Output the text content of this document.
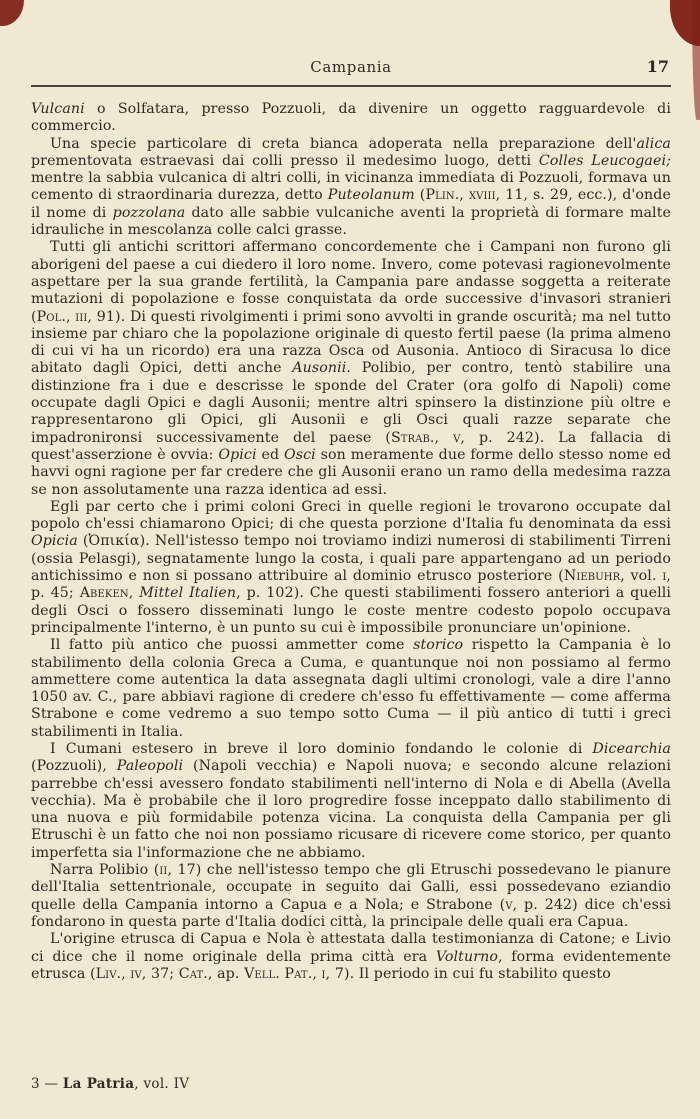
Campania	17

Vulcani o Solfatara, presso Pozzuoli, da divenire un oggetto ragguardevole di commercio.

Una specie particolare di creta bianca adoperata nella preparazione dell'alica prementovata estraevasi dai colli presso il medesimo luogo, detti Colles Leucogaei; mentre la sabbia vulcanica di altri colli, in vicinanza immediata di Pozzuoli, formava un cemento di straordinaria durezza, detto Puteolanum (Plin., xviii, 11, s. 29, ecc.), d'onde il nome di pozzolana dato alle sabbie vulcaniche aventi la proprietà di formare malte idrauliche in mescolanza colle calci grasse.

Tutti gli antichi scrittori affermano concordemente che i Campani non furono gli aborigeni del paese a cui diedero il loro nome. Invero, come potevasi ragionevolmente aspettare per la sua grande fertilità, la Campania pare andasse soggetta a reiterate mutazioni di popolazione e fosse conquistata da orde successive d'invasori stranieri (Pol., iii, 91). Di questi rivolgimenti i primi sono avvolti in grande oscurità; ma nel tutto insieme par chiaro che la popolazione originale di questo fertil paese (la prima almeno di cui vi ha un ricordo) era una razza Osca od Ausonia. Antioco di Siracusa lo dice abitato dagli Opici, detti anche Ausonii. Polibio, per contro, tentò stabilire una distinzione fra i due e descrisse le sponde del Crater (ora golfo di Napoli) come occupate dagli Opici e dagli Ausonii; mentre altri spinsero la distinzione più oltre e rappresentarono gli Opici, gli Ausonii e gli Osci quali razze separate che impadronironsi successivamente del paese (Strab., v, p. 242). La fallacia di quest'asserzione è ovvia: Opici ed Osci son meramente due forme dello stesso nome ed havvi ogni ragione per far credere che gli Ausonii erano un ramo della medesima razza se non assolutamente una razza identica ad essi.

Egli par certo che i primi coloni Greci in quelle regioni le trovarono occupate dal popolo ch'essi chiamarono Opici; di che questa porzione d'Italia fu denominata da essi Opicia (Ὀπικία). Nell'istesso tempo noi troviamo indizi numerosi di stabilimenti Tirreni (ossia Pelasgi), segnatamente lungo la costa, i quali pare appartengano ad un periodo antichissimo e non si possano attribuire al dominio etrusco posteriore (Niebuhr, vol. i, p. 45; Abeken, Mittel Italien, p. 102). Che questi stabilimenti fossero anteriori a quelli degli Osci o fossero disseminati lungo le coste mentre codesto popolo occupava principalmente l'interno, è un punto su cui è impossibile pronunciare un'opinione.

Il fatto più antico che puossi ammetter come storico rispetto la Campania è lo stabilimento della colonia Greca a Cuma, e quantunque noi non possiamo al fermo ammettere come autentica la data assegnata dagli ultimi cronologi, vale a dire l'anno 1050 av. C., pare abbiavi ragione di credere ch'esso fu effettivamente — come afferma Strabone e come vedremo a suo tempo sotto Cuma — il più antico di tutti i greci stabilimenti in Italia.

I Cumani estesero in breve il loro dominio fondando le colonie di Dicearchia (Pozzuoli), Paleopoli (Napoli vecchia) e Napoli nuova; e secondo alcune relazioni parrebbe ch'essi avessero fondato stabilimenti nell'interno di Nola e di Abella (Avella vecchia). Ma è probabile che il loro progredire fosse inceppato dallo stabilimento di una nuova e più formidabile potenza vicina. La conquista della Campania per gli Etruschi è un fatto che noi non possiamo ricusare di ricevere come storico, per quanto imperfetta sia l'informazione che ne abbiamo.

Narra Polibio (ii, 17) che nell'istesso tempo che gli Etruschi possedevano le pianure dell'Italia settentrionale, occupate in seguito dai Galli, essi possedevano eziandio quelle della Campania intorno a Capua e a Nola; e Strabone (v, p. 242) dice ch'essi fondarono in questa parte d'Italia dodici città, la principale delle quali era Capua.

L'origine etrusca di Capua e Nola è attestata dalla testimonianza di Catone; e Livio ci dice che il nome originale della prima città era Volturno, forma evidentemente etrusca (Liv., iv, 37; Cat., ap. Vell. Pat., i, 7). Il periodo in cui fu stabilito questo

3 — La Patria, vol. IV
